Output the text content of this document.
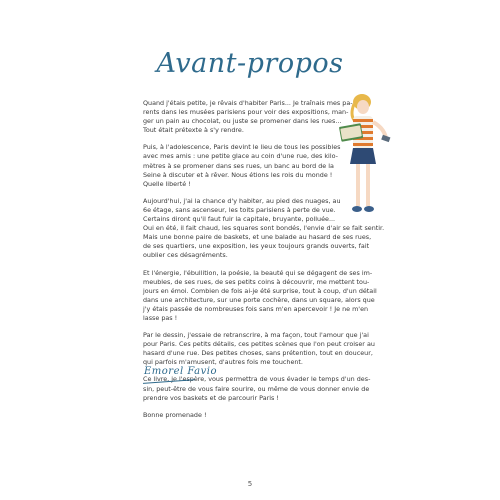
Avant-propos

Quand j'étais petite, je rêvais d'habiter Paris... Je traînais mes pa-
rents dans les musées parisiens pour voir des expositions, man-
ger un pain au chocolat, ou juste se promener dans les rues...
Tout était prétexte à s'y rendre.

Puis, à l'adolescence, Paris devint le lieu de tous les possibles
avec mes amis : une petite glace au coin d'une rue, des kilo-
mètres à se promener dans ses rues, un banc au bord de la
Seine à discuter et à rêver. Nous étions les rois du monde !
Quelle liberté !

Aujourd'hui, j'ai la chance d'y habiter, au pied des nuages, au
6e étage, sans ascenseur, les toits parisiens à perte de vue.
Certains diront qu'il faut fuir la capitale, bruyante, polluée...
Oui en été, il fait chaud, les squares sont bondés, l'envie d'air se fait sentir.
Mais une bonne paire de baskets, et une balade au hasard de ses rues,
de ses quartiers, une exposition, les yeux toujours grands ouverts, fait
oublier ces désagréments.

Et l'énergie, l'ébullition, la poésie, la beauté qui se dégagent de ses im-
meubles, de ses rues, de ses petits coins à découvrir, me mettent tou-
jours en émoi. Combien de fois ai-je été surprise, tout à coup, d'un détail
dans une architecture, sur une porte cochère, dans un square, alors que
j'y étais passée de nombreuses fois sans m'en apercevoir ! Je ne m'en
lasse pas !

Par le dessin, j'essaie de retranscrire, à ma façon, tout l'amour que j'ai
pour Paris. Ces petits détails, ces petites scènes que l'on peut croiser au
hasard d'une rue. Des petites choses, sans prétention, tout en douceur,
qui parfois m'amusent, d'autres fois me touchent.

Ce livre, je l'espère, vous permettra de vous évader le temps d'un des-
sin, peut-être de vous faire sourire, ou même de vous donner envie de
prendre vos baskets et de parcourir Paris !

Bonne promenade !

Emorel Favio
5
